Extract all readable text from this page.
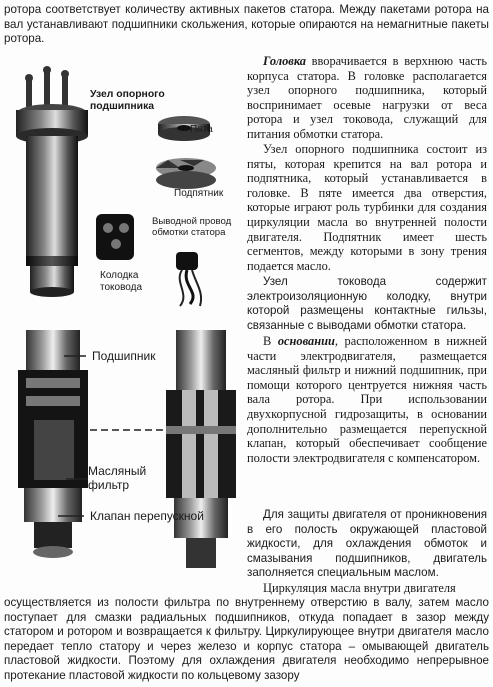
ротора соответствует количеству активных пакетов статора. Между пакетами ротора на вал устанавливают подшипники скольжения, которые опираются на немагнитные пакеты ротора.

Узел опорного подшипника
Пята
Подпятник
Выводной провод обмотки статора
Колодка токовода
Подшипник
Масляный фильтр
Клапан перепускной

Головка вворачивается в верхнюю часть корпуса статора. В головке располагается узел опорного подшипника, который воспринимает осевые нагрузки от веса ротора и узел токовода, служащий для питания обмотки статора.

Узел опорного подшипника состоит из пяты, которая крепится на вал ротора и подпятника, который устанавливается в головке. В пяте имеется два отверстия, которые играют роль турбинки для создания циркуляции масла во внутренней полости двигателя. Подпятник имеет шесть сегментов, между которыми в зону трения подается масло.

Узел токовода содержит электроизоляционную колодку, внутри которой размещены контактные гильзы, связанные с выводами обмотки статора.

В основании, расположенном в нижней части электродвигателя, размещается масляный фильтр и нижний подшипник, при помощи которого центруется нижняя часть вала ротора. При использовании двухкорпусной гидрозащиты, в основании дополнительно размещается перепускной клапан, который обеспечивает сообщение полости электродвигателя с компенсатором.

Для защиты двигателя от проникновения в его полость окружающей пластовой жидкости, для охлаждения обмоток и смазывания подшипников, двигатель заполняется специальным маслом.

Циркуляция масла внутри двигателя

осуществляется из полости фильтра по внутреннему отверстию в валу, затем масло поступает для смазки радиальных подшипников, откуда попадает в зазор между статором и ротором и возвращается к фильтру. Циркулирующее внутри двигателя масло передает тепло статору и через железо и корпус статора – омывающей двигатель пластовой жидкости. Поэтому для охлаждения двигателя необходимо непрерывное протекание пластовой жидкости по кольцевому зазору
